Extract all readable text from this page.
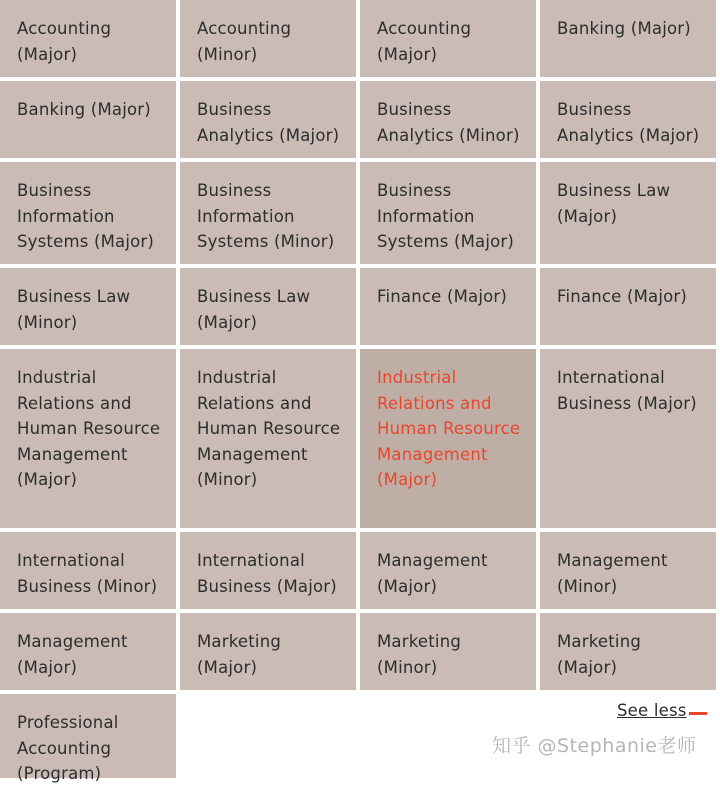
Accounting (Major)
Accounting (Minor)
Accounting (Major)
Banking (Major)
Banking (Major)	Business Analytics (Major)
Business Analytics (Minor)
Business Analytics (Major)
Business Information Systems (Major)
Business Information Systems (Minor)
Business Information Systems (Major)
Business Law (Major)
Business Law (Minor)
Business Law (Major)
Finance (Major)	Finance (Major)
Industrial Relations and Human Resource Management (Major)
Industrial Relations and Human Resource Management (Minor)
Industrial Relations and Human Resource Management (Major)
International Business (Major)
International Business (Minor)
International Business (Major)
Management (Major)
Management (Minor)
Management (Major)
Marketing (Major)
Marketing (Minor)
Marketing (Major)
Professional Accounting (Program)
See less
知乎 @Stephanie老师
